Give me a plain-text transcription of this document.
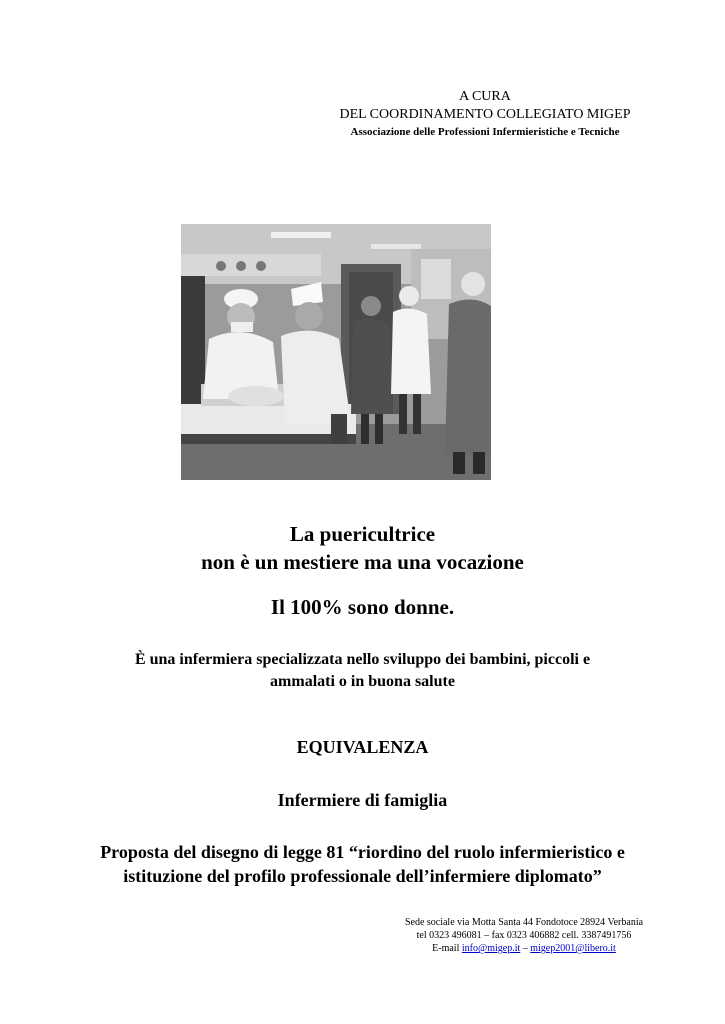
A CURA
DEL COORDINAMENTO COLLEGIATO MIGEP
Associazione delle Professioni Infermieristiche e Tecniche
La puericultrice
non è un mestiere ma una vocazione
Il 100% sono donne.
È una infermiera specializzata nello sviluppo dei bambini, piccoli e
ammalati o in buona salute
EQUIVALENZA
Infermiere di famiglia
Proposta del disegno di legge 81 “riordino del ruolo infermieristico e
istituzione del profilo professionale dell’infermiere diplomato”
Sede sociale via Motta Santa 44 Fondotoce 28924 Verbania
tel 0323 496081 – fax 0323 406882 cell. 3387491756
E-mail info@migep.it – migep2001@libero.it
